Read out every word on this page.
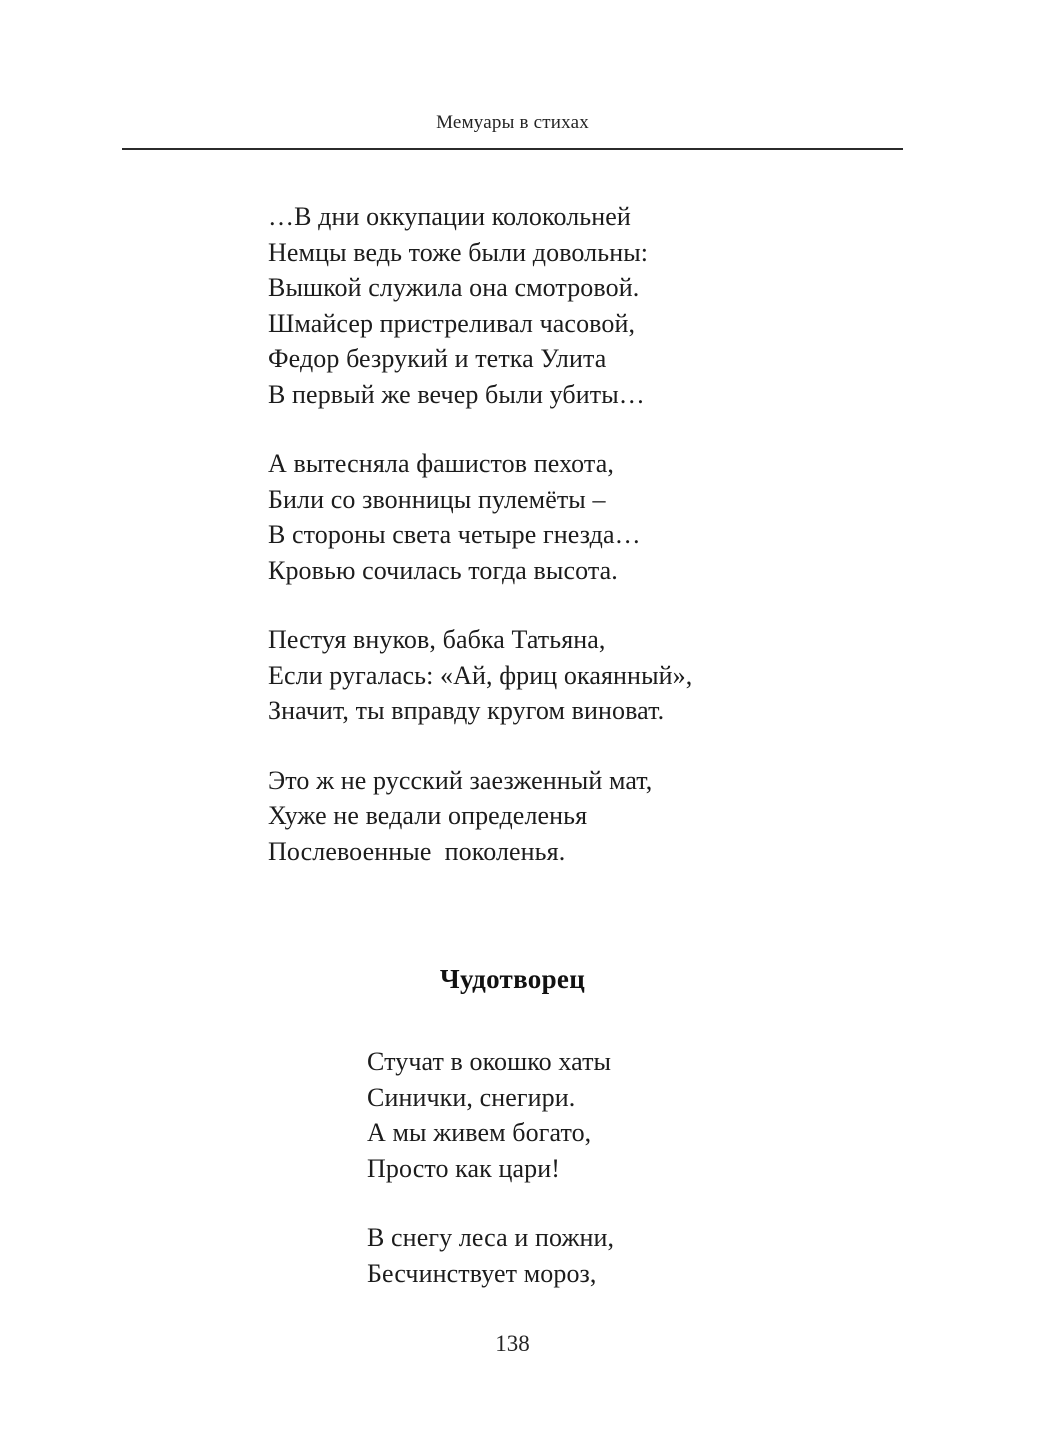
Мемуары в стихах
…В дни оккупации колокольней
Немцы ведь тоже были довольны:
Вышкой служила она смотровой.
Шмайсер пристреливал часовой,
Федор безрукий и тетка Улита
В первый же вечер были убиты…
А вытесняла фашистов пехота,
Били со звонницы пулемёты –
В стороны света четыре гнезда…
Кровью сочилась тогда высота.
Пестуя внуков, бабка Татьяна,
Если ругалась: «Ай, фриц окаянный»,
Значит, ты вправду кругом виноват.
Это ж не русский заезженный мат,
Хуже не ведали определенья
Послевоенные  поколенья.
Чудотворец
Стучат в окошко хаты
Синички, снегири.
А мы живем богато,
Просто как цари!
В снегу леса и пожни,
Бесчинствует мороз,
138
